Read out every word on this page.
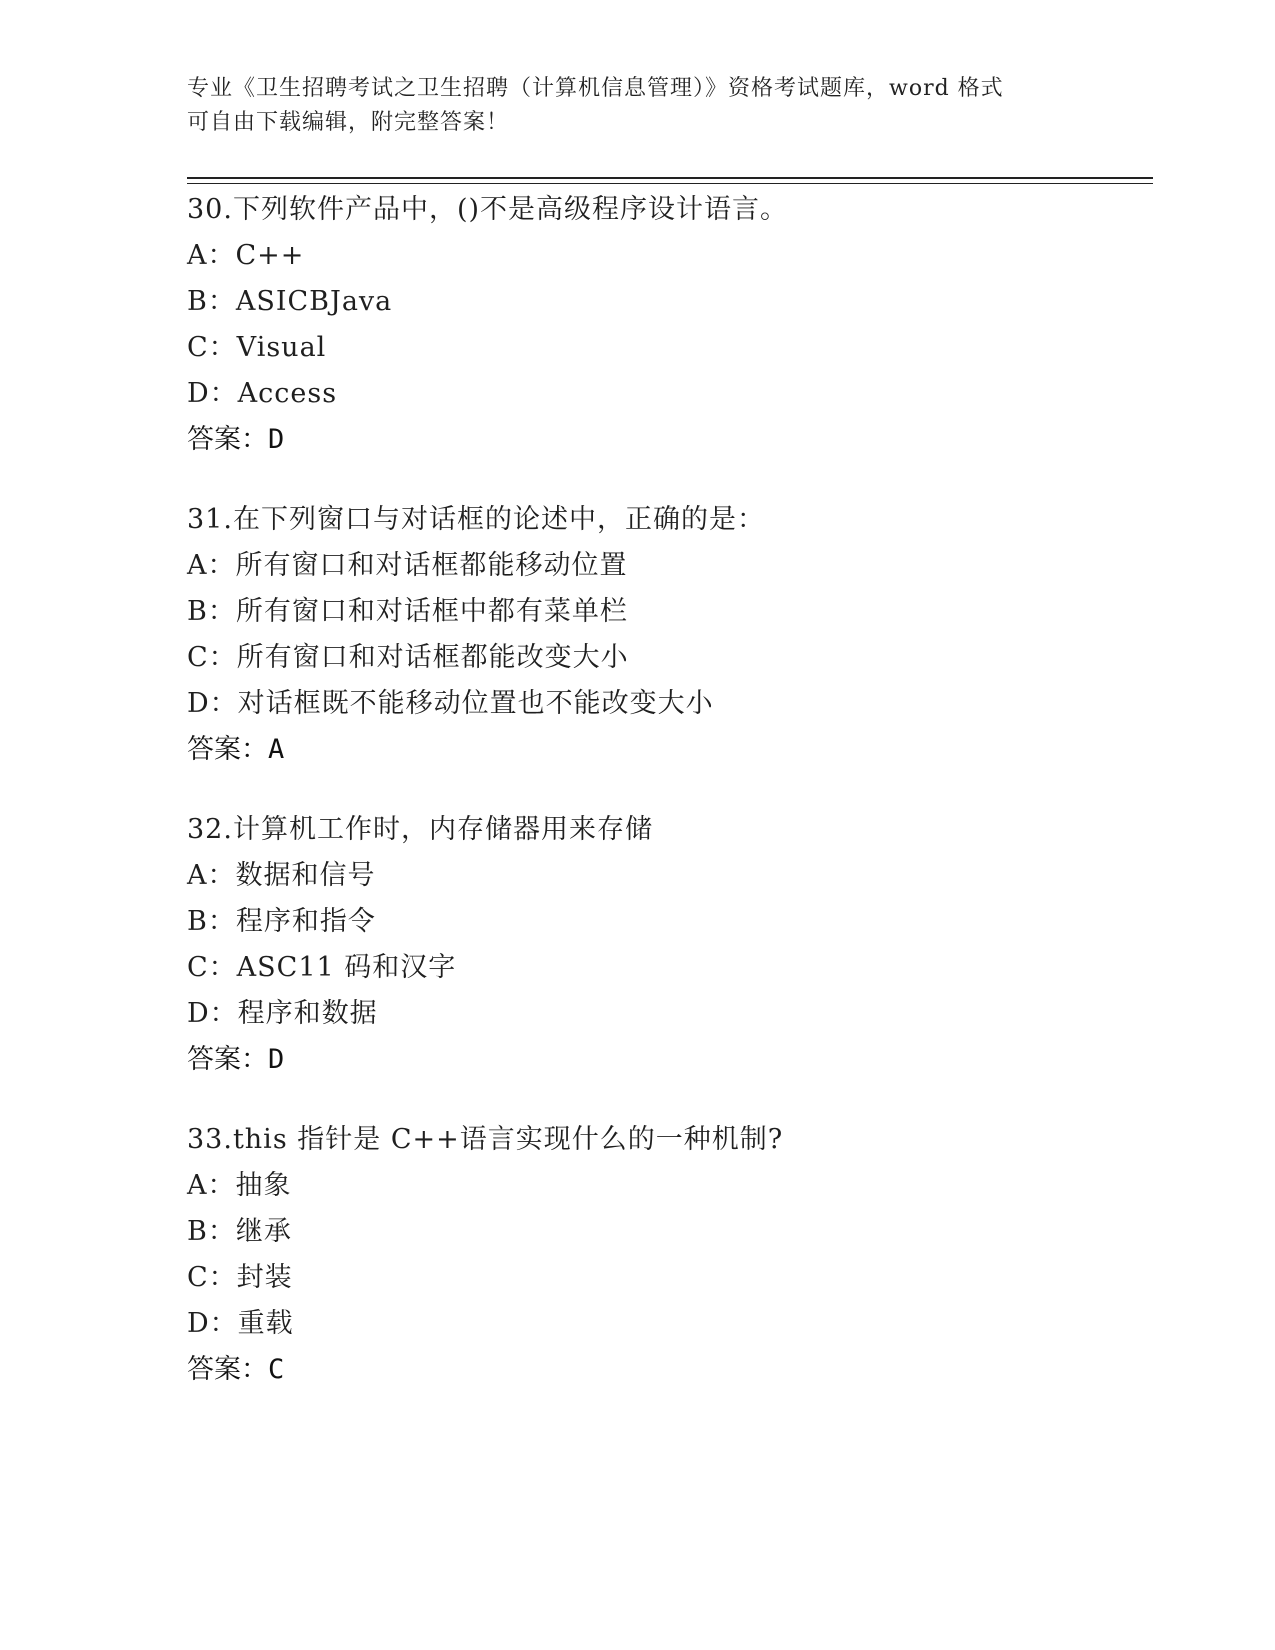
专业《卫生招聘考试之卫生招聘（计算机信息管理）》资格考试题库，word 格式
可自由下载编辑，附完整答案！
30.下列软件产品中，()不是高级程序设计语言。
A：C++
B：ASICBJava
C：Visual
D：Access
答案：D
31.在下列窗口与对话框的论述中，正确的是：
A：所有窗口和对话框都能移动位置
B：所有窗口和对话框中都有菜单栏
C：所有窗口和对话框都能改变大小
D：对话框既不能移动位置也不能改变大小
答案：A
32.计算机工作时，内存储器用来存储
A：数据和信号
B：程序和指令
C：ASC11 码和汉字
D：程序和数据
答案：D
33.this 指针是 C++语言实现什么的一种机制?
A：抽象
B：继承
C：封装
D：重载
答案：C
